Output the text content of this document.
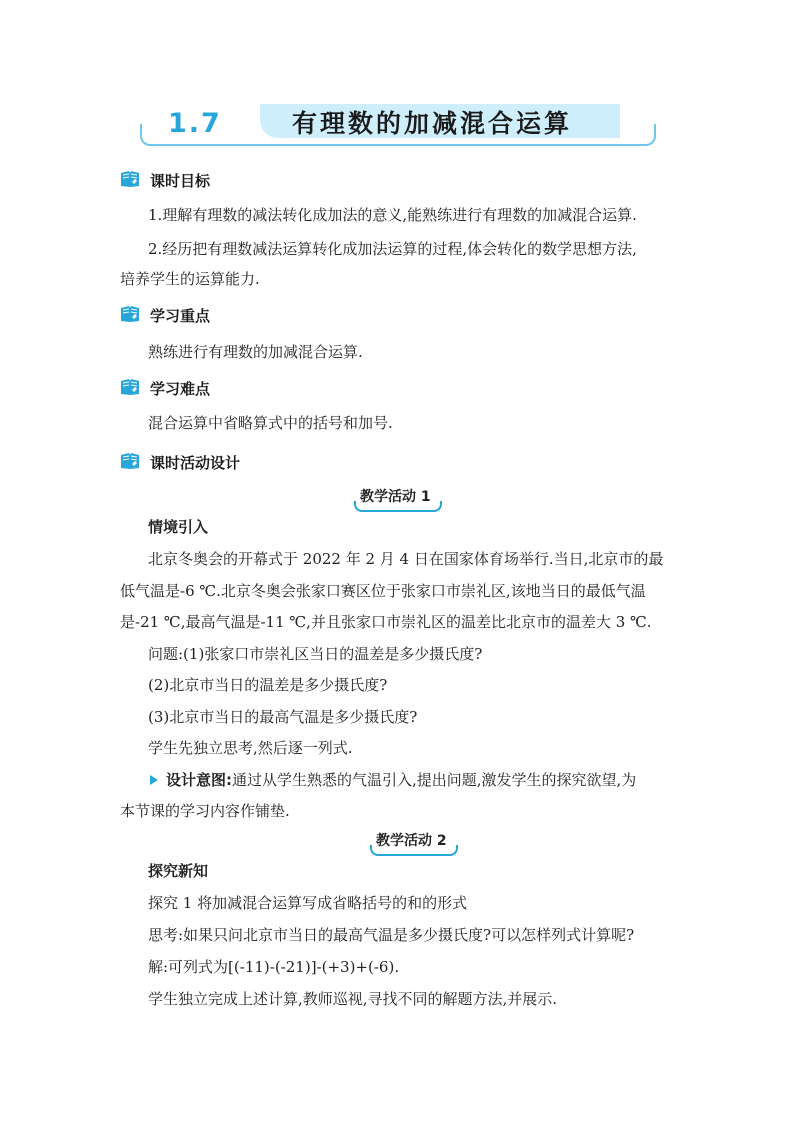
1.7	有理数的加减混合运算
课时目标
1.理解有理数的减法转化成加法的意义,能熟练进行有理数的加减混合运算.
2.经历把有理数减法运算转化成加法运算的过程,体会转化的数学思想方法,
培养学生的运算能力.
学习重点
熟练进行有理数的加减混合运算.
学习难点
混合运算中省略算式中的括号和加号.
课时活动设计
教学活动 1
情境引入
北京冬奥会的开幕式于 2022 年 2 月 4 日在国家体育场举行.当日,北京市的最
低气温是-6 ℃.北京冬奥会张家口赛区位于张家口市崇礼区,该地当日的最低气温
是-21 ℃,最高气温是-11 ℃,并且张家口市崇礼区的温差比北京市的温差大 3 ℃.
问题:(1)张家口市崇礼区当日的温差是多少摄氏度?
(2)北京市当日的温差是多少摄氏度?
(3)北京市当日的最高气温是多少摄氏度?
学生先独立思考,然后逐一列式.
设计意图:通过从学生熟悉的气温引入,提出问题,激发学生的探究欲望,为
本节课的学习内容作铺垫.
教学活动 2
探究新知
探究 1 将加减混合运算写成省略括号的和的形式
思考:如果只问北京市当日的最高气温是多少摄氏度?可以怎样列式计算呢?
解:可列式为[(-11)-(-21)]-(+3)+(-6).
学生独立完成上述计算,教师巡视,寻找不同的解题方法,并展示.
